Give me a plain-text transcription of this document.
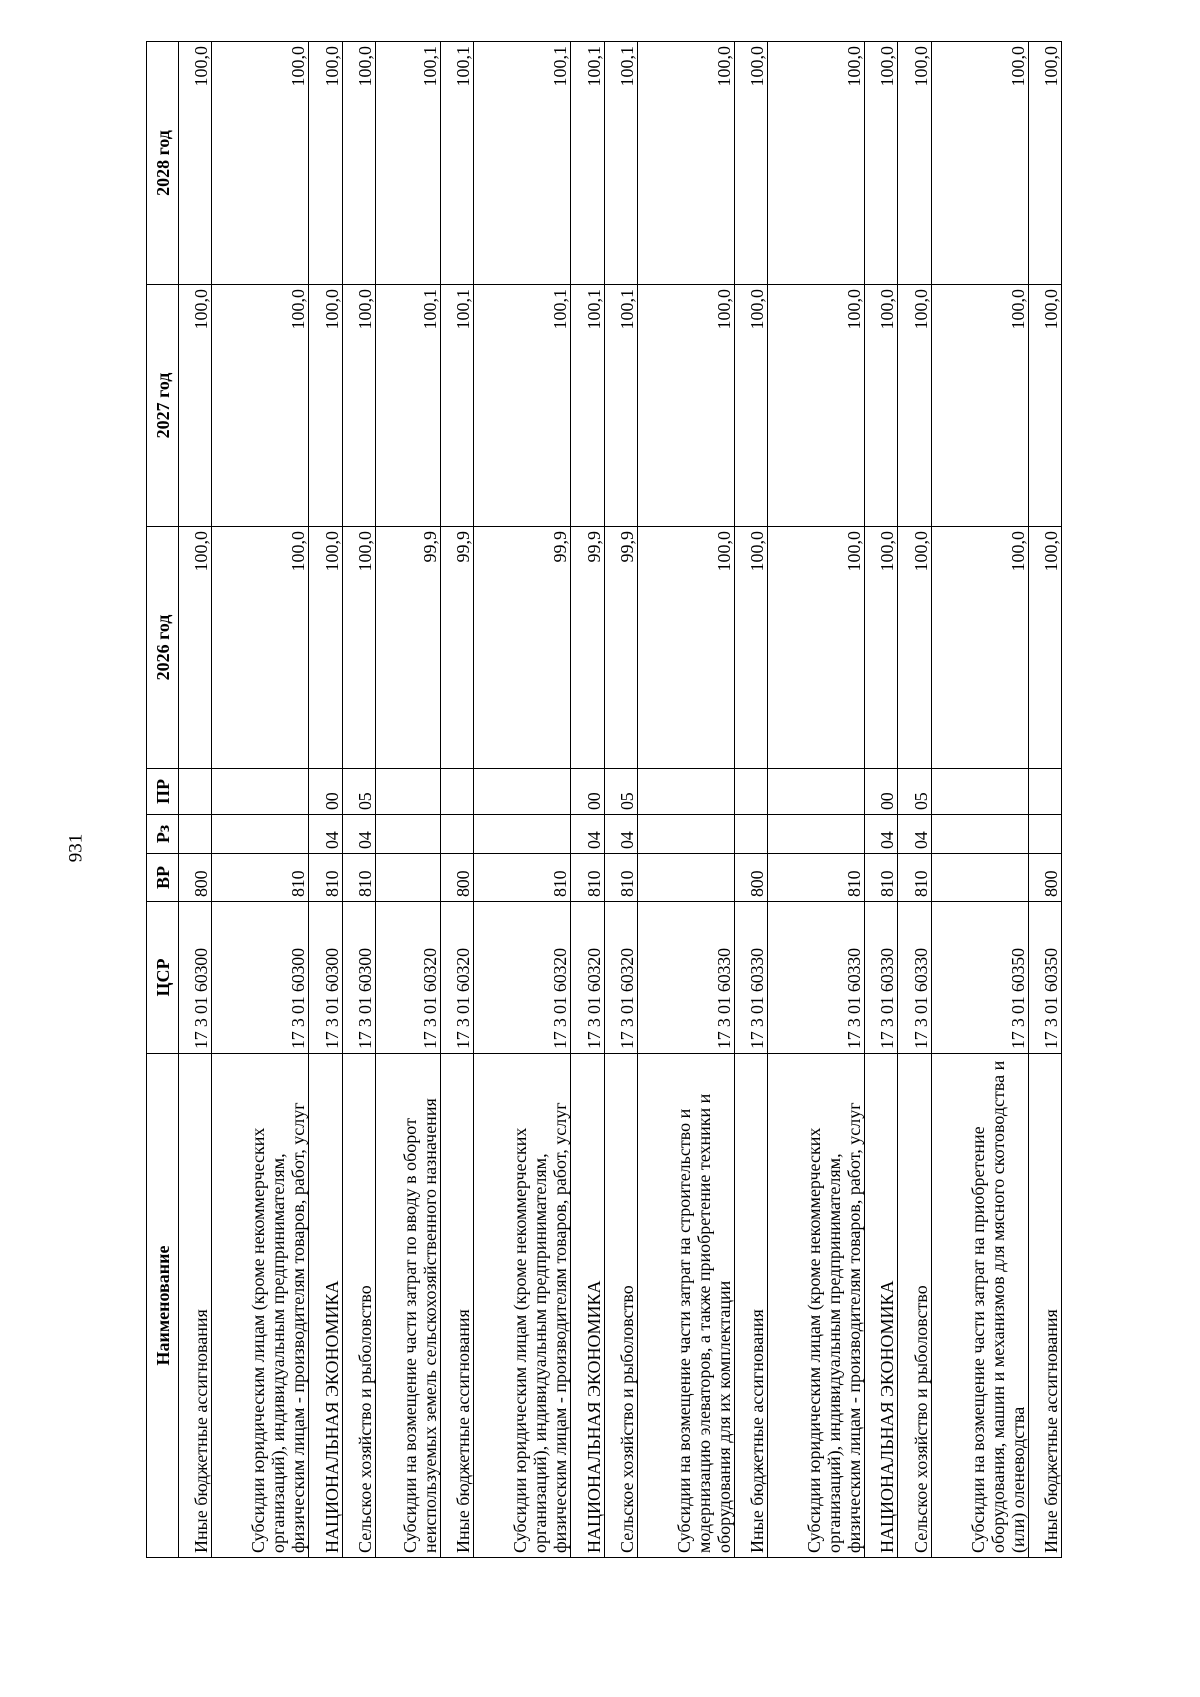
931
Наименование	ЦСР	ВР	Рз	ПР	2026 год	2027 год	2028 год
Иные бюджетные ассигнования	17 3 01 60300	800			100,0	100,0	100,0
Субсидии юридическим лицам (кроме некоммерческих организаций), индивидуальным предпринимателям, физическим лицам - производителям товаров, работ, услуг	17 3 01 60300	810			100,0	100,0	100,0
НАЦИОНАЛЬНАЯ ЭКОНОМИКА	17 3 01 60300	810	04	00	100,0	100,0	100,0
Сельское хозяйство и рыболовство	17 3 01 60300	810	04	05	100,0	100,0	100,0
Субсидии на возмещение части затрат по вводу в оборот неиспользуемых земель сельскохозяйственного назначения	17 3 01 60320				99,9	100,1	100,1
Иные бюджетные ассигнования	17 3 01 60320	800			99,9	100,1	100,1
Субсидии юридическим лицам (кроме некоммерческих организаций), индивидуальным предпринимателям, физическим лицам - производителям товаров, работ, услуг	17 3 01 60320	810			99,9	100,1	100,1
НАЦИОНАЛЬНАЯ ЭКОНОМИКА	17 3 01 60320	810	04	00	99,9	100,1	100,1
Сельское хозяйство и рыболовство	17 3 01 60320	810	04	05	99,9	100,1	100,1
Субсидии на возмещение части затрат на строительство и модернизацию элеваторов, а также приобретение техники и оборудования для их комплектации	17 3 01 60330				100,0	100,0	100,0
Иные бюджетные ассигнования	17 3 01 60330	800			100,0	100,0	100,0
Субсидии юридическим лицам (кроме некоммерческих организаций), индивидуальным предпринимателям, физическим лицам - производителям товаров, работ, услуг	17 3 01 60330	810			100,0	100,0	100,0
НАЦИОНАЛЬНАЯ ЭКОНОМИКА	17 3 01 60330	810	04	00	100,0	100,0	100,0
Сельское хозяйство и рыболовство	17 3 01 60330	810	04	05	100,0	100,0	100,0
Субсидии на возмещение части затрат на приобретение оборудования, машин и механизмов для мясного скотоводства и (или) оленеводства	17 3 01 60350				100,0	100,0	100,0
Иные бюджетные ассигнования	17 3 01 60350	800			100,0	100,0	100,0
